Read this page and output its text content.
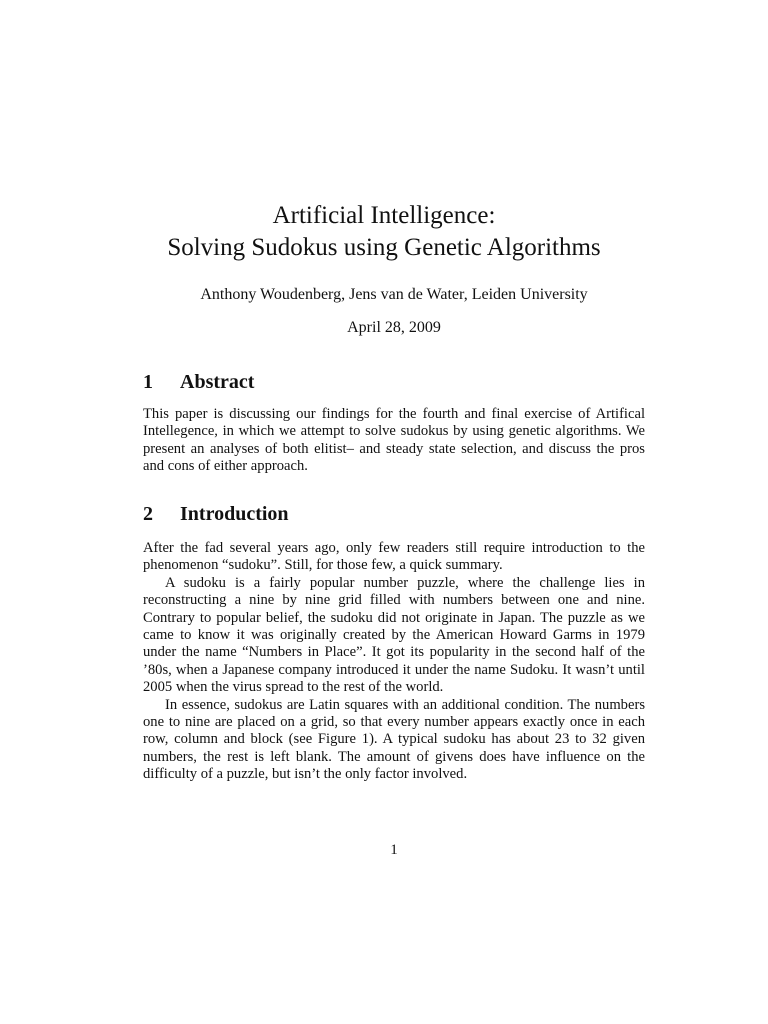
Artificial Intelligence:
Solving Sudokus using Genetic Algorithms
Anthony Woudenberg, Jens van de Water, Leiden University
April 28, 2009
1 Abstract

This paper is discussing our findings for the fourth and final exercise of Artifical Intellegence, in which we attempt to solve sudokus by using genetic algorithms. We present an analyses of both elitist– and steady state selection, and discuss the pros and cons of either approach.

2 Introduction

After the fad several years ago, only few readers still require introduction to the phenomenon “sudoku”. Still, for those few, a quick summary.

A sudoku is a fairly popular number puzzle, where the challenge lies in reconstructing a nine by nine grid filled with numbers between one and nine. Contrary to popular belief, the sudoku did not originate in Japan. The puzzle as we came to know it was originally created by the American Howard Garms in 1979 under the name “Numbers in Place”. It got its popularity in the second half of the ’80s, when a Japanese company introduced it under the name Sudoku. It wasn’t until 2005 when the virus spread to the rest of the world.

In essence, sudokus are Latin squares with an additional condition. The numbers one to nine are placed on a grid, so that every number appears exactly once in each row, column and block (see Figure 1). A typical sudoku has about 23 to 32 given numbers, the rest is left blank. The amount of givens does have influence on the difficulty of a puzzle, but isn’t the only factor involved.

1
